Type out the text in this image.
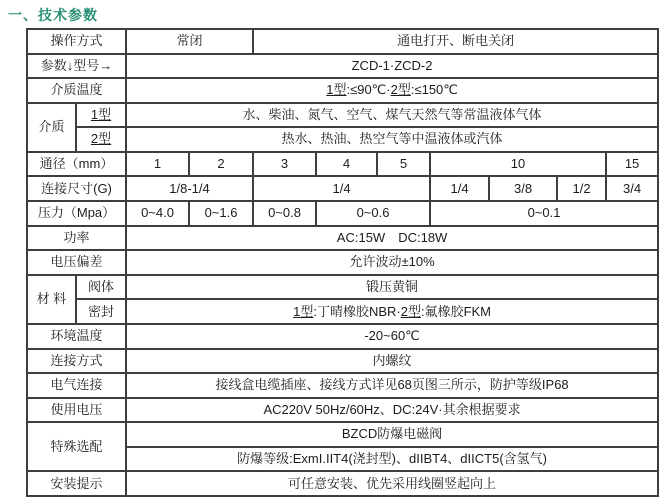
一、技术参数
操作方式		常闭		通电打开、断电关闭						
参数↓型号→		ZCD-1·ZCD-2								
介质温度		1型:≤90℃·2型:≤150℃								
介质	1型	水、柴油、氮气、空气、煤气天然气等常温液体气体								
	2型	热水、热油、热空气等中温液体或汽体								
通径（mm）		1	2	3	4	5	10			15
连接尺寸(G)		1/8-1/4		1/4			1/4	3/8	1/2	3/4
压力（Mpa）		0~4.0	0~1.6	0~0.8	0~0.6		0~0.1			
功率		AC:15W　DC:18W								
电压偏差		允许波动±10%								
材 料	阀体	锻压黄铜								
	密封	1型:丁晴橡胶NBR·2型:氟橡胶FKM								
环境温度		-20~60℃								
连接方式		内螺纹								
电气连接		接线盒电缆插座、接线方式详见68页图三所示，防护等级IP68								
使用电压		AC220V 50Hz/60Hz、DC:24V·其余根据要求								
特殊选配		BZCD防爆电磁阀								
		防爆等级:ExmI.IIT4(浇封型)、dIIBT4、dIICT5(含氢气)								
安装提示		可任意安装、优先采用线圈竖起向上								
